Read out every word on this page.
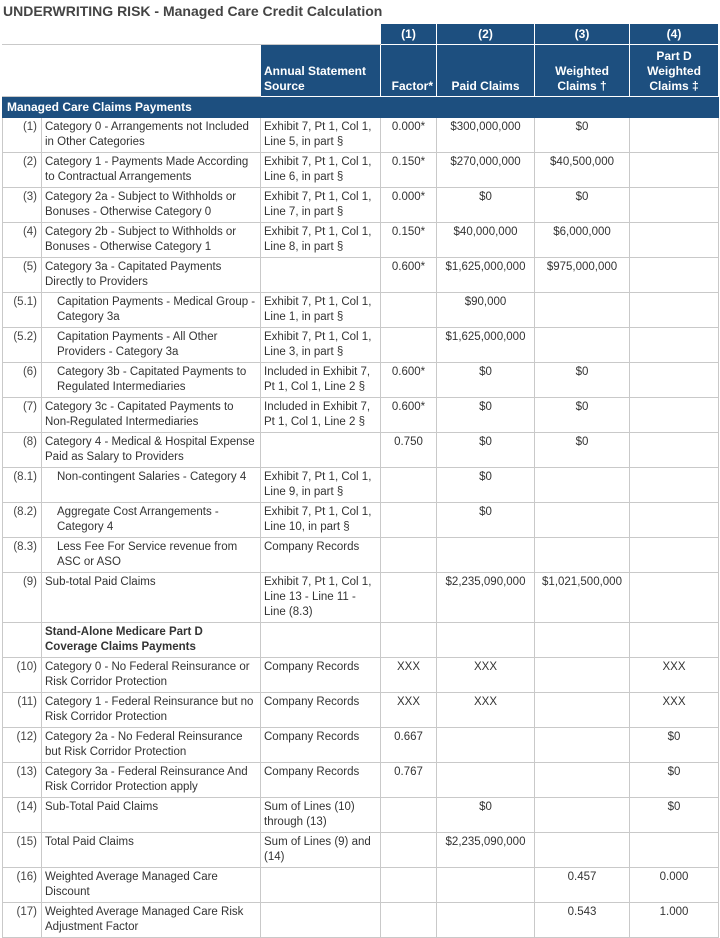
UNDERWRITING RISK - Managed Care Credit Calculation
			(1)	(2)	(3)	(4)
		Annual Statement Source	Factor*	Paid Claims	Weighted Claims †	Part D Weighted Claims ‡
Managed Care Claims Payments						
(1)	Category 0 - Arrangements not Included in Other Categories	Exhibit 7, Pt 1, Col 1, Line 5, in part §	0.000*	$300,000,000	$0	
(2)	Category 1 - Payments Made According to Contractual Arrangements	Exhibit 7, Pt 1, Col 1, Line 6, in part §	0.150*	$270,000,000	$40,500,000	
(3)	Category 2a - Subject to Withholds or Bonuses - Otherwise Category 0	Exhibit 7, Pt 1, Col 1, Line 7, in part §	0.000*	$0	$0	
(4)	Category 2b - Subject to Withholds or Bonuses - Otherwise Category 1	Exhibit 7, Pt 1, Col 1, Line 8, in part §	0.150*	$40,000,000	$6,000,000	
(5)	Category 3a - Capitated Payments Directly to Providers		0.600*	$1,625,000,000	$975,000,000	
(5.1)	Capitation Payments - Medical Group - Category 3a	Exhibit 7, Pt 1, Col 1, Line 1, in part §		$90,000		
(5.2)	Capitation Payments - All Other Providers - Category 3a	Exhibit 7, Pt 1, Col 1, Line 3, in part §		$1,625,000,000		
(6)	Category 3b - Capitated Payments to Regulated Intermediaries	Included in Exhibit 7, Pt 1, Col 1, Line 2 §	0.600*	$0	$0	
(7)	Category 3c - Capitated Payments to Non-Regulated Intermediaries	Included in Exhibit 7, Pt 1, Col 1, Line 2 §	0.600*	$0	$0	
(8)	Category 4 - Medical & Hospital Expense Paid as Salary to Providers		0.750	$0	$0	
(8.1)	Non-contingent Salaries - Category 4	Exhibit 7, Pt 1, Col 1, Line 9, in part §		$0		
(8.2)	Aggregate Cost Arrangements - Category 4	Exhibit 7, Pt 1, Col 1, Line 10, in part §		$0		
(8.3)	Less Fee For Service revenue from ASC or ASO	Company Records				
(9)	Sub-total Paid Claims	Exhibit 7, Pt 1, Col 1, Line 13 - Line 11 - Line (8.3)		$2,235,090,000	$1,021,500,000	
	Stand-Alone Medicare Part D Coverage Claims Payments					
(10)	Category 0 - No Federal Reinsurance or Risk Corridor Protection	Company Records	XXX	XXX		XXX
(11)	Category 1 - Federal Reinsurance but no Risk Corridor Protection	Company Records	XXX	XXX		XXX
(12)	Category 2a - No Federal Reinsurance but Risk Corridor Protection	Company Records	0.667			$0
(13)	Category 3a - Federal Reinsurance And Risk Corridor Protection apply	Company Records	0.767			$0
(14)	Sub-Total Paid Claims	Sum of Lines (10) through (13)		$0		$0
(15)	Total Paid Claims	Sum of Lines (9) and (14)		$2,235,090,000		
(16)	Weighted Average Managed Care Discount				0.457	0.000
(17)	Weighted Average Managed Care Risk Adjustment Factor				0.543	1.000
